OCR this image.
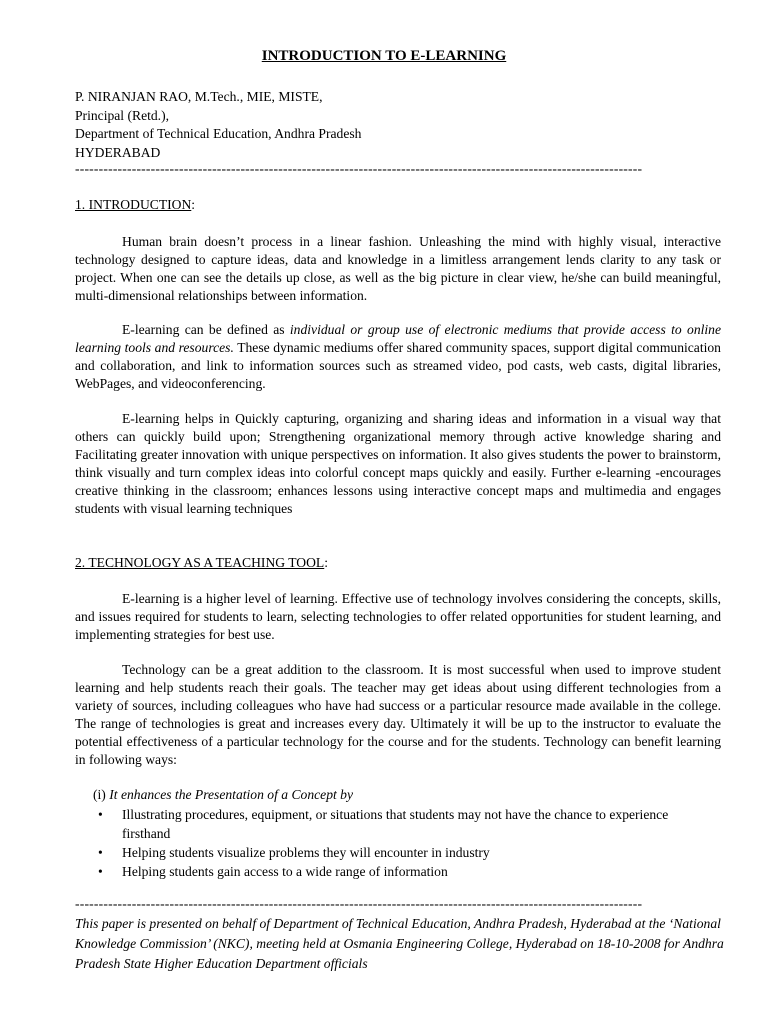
INTRODUCTION TO E-LEARNING
P. NIRANJAN RAO, M.Tech., MIE, MISTE,
Principal (Retd.),
Department of Technical Education, Andhra Pradesh
HYDERABAD
------------------------------------------------------------------------------------------------------------------------
1. INTRODUCTION:

Human brain doesn’t process in a linear fashion. Unleashing the mind with highly visual, interactive technology designed to capture ideas, data and knowledge in a limitless arrangement lends clarity to any task or project. When one can see the details up close, as well as the big picture in clear view, he/she can build meaningful, multi-dimensional relationships between information.

E-learning can be defined as individual or group use of electronic mediums that provide access to online learning tools and resources. These dynamic mediums offer shared community spaces, support digital communication and collaboration, and link to information sources such as streamed video, pod casts, web casts, digital libraries, WebPages, and videoconferencing.

E-learning helps in Quickly capturing, organizing and sharing ideas and information in a visual way that others can quickly build upon; Strengthening organizational memory through active knowledge sharing and Facilitating greater innovation with unique perspectives on information. It also gives students the power to brainstorm, think visually and turn complex ideas into colorful concept maps quickly and easily. Further e-learning -encourages creative thinking in the classroom; enhances lessons using interactive concept maps and multimedia and engages students with visual learning techniques

2. TECHNOLOGY AS A TEACHING TOOL:

E-learning is a higher level of learning. Effective use of technology involves considering the concepts, skills, and issues required for students to learn, selecting technologies to offer related opportunities for student learning, and implementing strategies for best use.

Technology can be a great addition to the classroom. It is most successful when used to improve student learning and help students reach their goals. The teacher may get ideas about using different technologies from a variety of sources, including colleagues who have had success or a particular resource made available in the college. The range of technologies is great and increases every day. Ultimately it will be up to the instructor to evaluate the potential effectiveness of a particular technology for the course and for the students. Technology can benefit learning in following ways:

(i) It enhances the Presentation of a Concept by
• Illustrating procedures, equipment, or situations that students may not have the chance to experience firsthand
• Helping students visualize problems they will encounter in industry
• Helping students gain access to a wide range of information
------------------------------------------------------------------------------------------------------------------------
This paper is presented on behalf of Department of Technical Education, Andhra Pradesh, Hyderabad at the ‘National Knowledge Commission’ (NKC), meeting held at Osmania Engineering College, Hyderabad on 18-10-2008 for Andhra Pradesh State Higher Education Department officials
